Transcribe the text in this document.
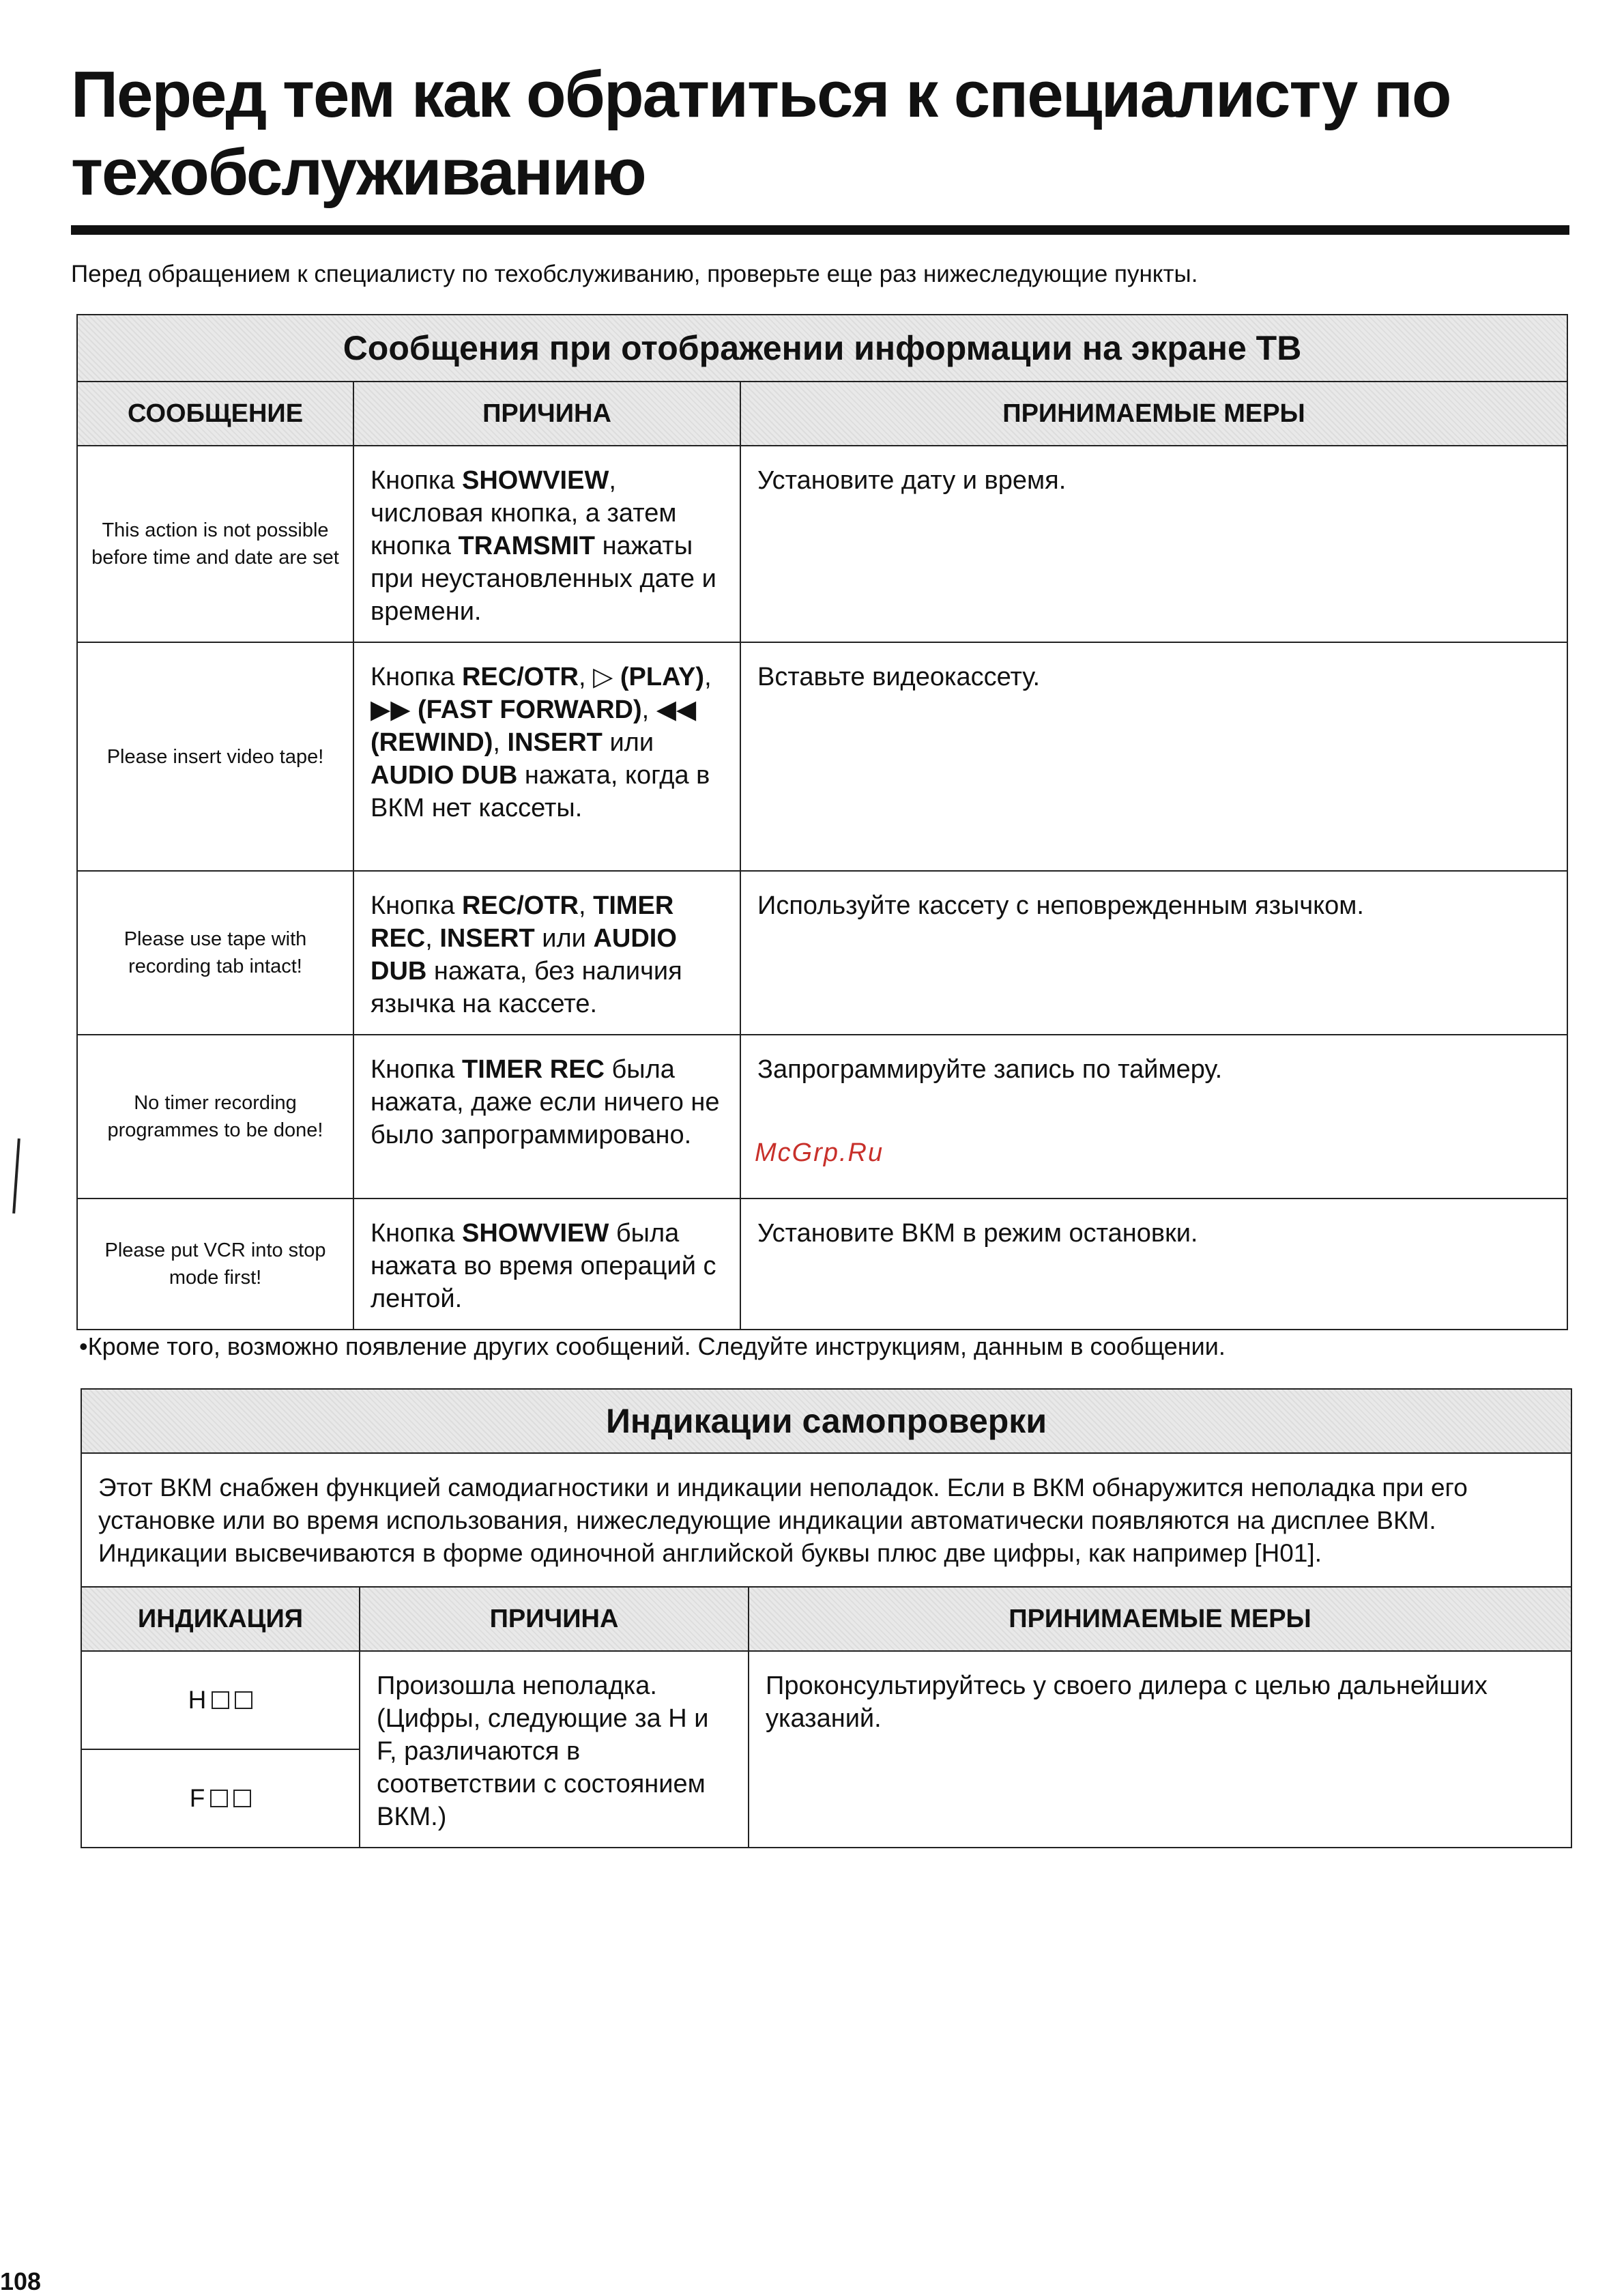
Перед тем как обратиться к специалисту по техобслуживанию
Перед обращением к специалисту по техобслуживанию, проверьте еще раз нижеследующие пункты.
Сообщения при отображении информации на экране ТВ		
СООБЩЕНИЕ	ПРИЧИНА	ПРИНИМАЕМЫЕ МЕРЫ
This action is not possible before time and date are set	Кнопка SHOWVIEW, числовая кнопка, а затем кнопка TRAMSMIT нажаты при неустановленных дате и времени.	Установите дату и время.
Please insert video tape!	Кнопка REC/OTR, ▷ (PLAY), ▶▶ (FAST FORWARD), ◀◀ (REWIND), INSERT или AUDIO DUB нажата, когда в ВКМ нет кассеты.	Вставьте видеокассету.
Please use tape with recording tab intact!	Кнопка REC/OTR, TIMER REC, INSERT или AUDIO DUB нажата, без наличия язычка на кассете.	Используйте кассету с неповрежденным язычком.
No timer recording programmes to be done!	Кнопка TIMER REC была нажата, даже если ничего не было запрограммировано.	Запрограммируйте запись по таймеру.
Please put VCR into stop mode first!	Кнопка SHOWVIEW была нажата во время операций с лентой.	Установите ВКМ в режим остановки.
•Кроме того, возможно появление других сообщений. Следуйте инструкциям, данным в сообщении.
Индикации самопроверки		
Этот ВКМ снабжен функцией самодиагностики и индикации неполадок. Если в ВКМ обнаружится неполадка при его установке или во время использования, нижеследующие индикации автоматически появляются на дисплее ВКМ. Индикации высвечиваются в форме одиночной английской буквы плюс две цифры, как например [H01].		
ИНДИКАЦИЯ	ПРИЧИНА	ПРИНИМАЕМЫЕ МЕРЫ
H	Произошла неполадка. (Цифры, следующие за H и F, различаются в соответствии с состоянием ВКМ.)	Проконсультируйтесь у своего дилера с целью дальнейших указаний.
F		
McGrp.Ru
108
